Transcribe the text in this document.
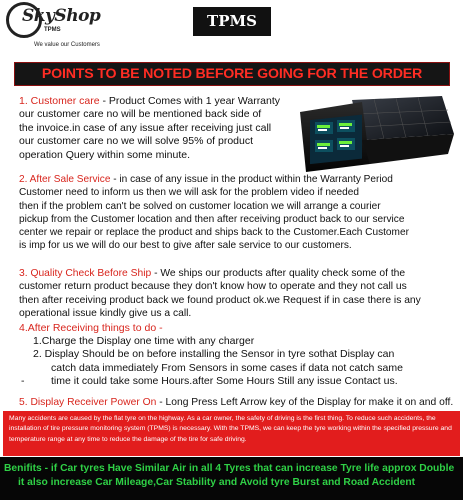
SkyShop
TPMS
We value our Customers
TPMS
POINTS TO BE NOTED BEFORE GOING FOR THE ORDER
1. Customer care - Product Comes with 1 year Warranty
our customer care no will be mentioned back side of
the invoice.in case of any issue after receiving just call
our customer care no we will solve 95% of product
operation Query within some minute.
2. After Sale Service - in case of any issue in the product within the Warranty Period
Customer need to inform us then we will ask for the problem video if needed
then if the problem can't be solved on customer location we will arrange a courier
pickup from the Customer location and then after receiving product back to our service
center we repair or replace the product and ships back to the Customer.Each Customer
is imp for us we will do our best to give after sale service to our customers.
3. Quality Check Before Ship - We ships our products after quality check some of the
customer return product because they don't know how to operate and they not call us
then after receiving product back we found product ok.we Request if in case there is any
operational issue kindly give us a call.
4.After Receiving things to do -
1.Charge the Display one time with any charger
2. Display Should be on before installing the Sensor in tyre sothat Display can
catch data immediately From Sensors in some cases if data not catch same
-	time it could take some Hours.after Some Hours Still any issue Contact us.
5. Display Receiver Power On - Long Press Left Arrow key of the Display for make it on and off.
Many accidents are caused by the flat tyre on the highway. As a car owner, the safety of driving is the first thing. To reduce such accidents, the installation of tire pressure monitoring system (TPMS) is necessary. With the TPMS, we can keep the tyre working within the specified pressure and temperature range at any time to reduce the damage of the tire for safe driving.
Benifits - if Car tyres Have Similar Air in all 4 Tyres that can increase Tyre life approx Double
it also increase Car Mileage,Car Stability and Avoid tyre Burst and Road Accident
